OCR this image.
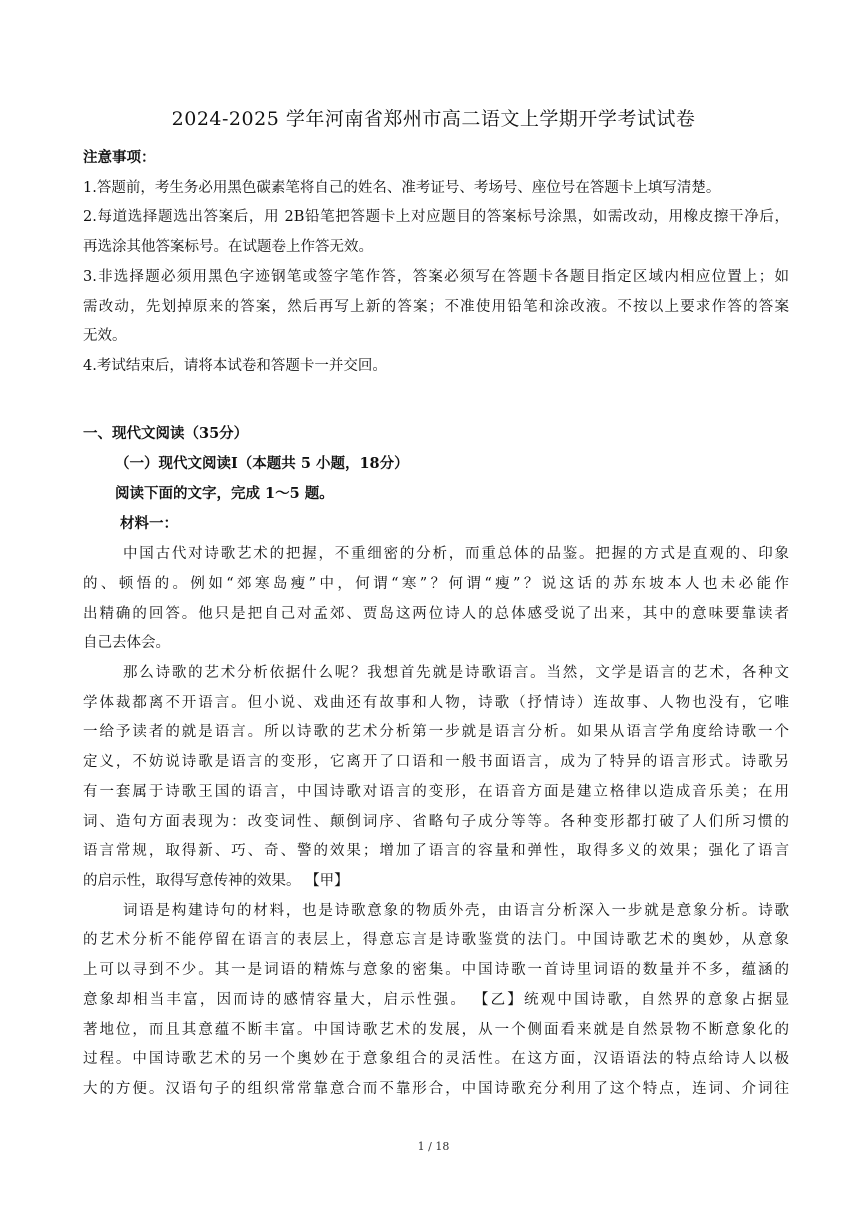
2024-2025 学年河南省郑州市高二语文上学期开学考试试卷
注意事项：
1.答题前，考生务必用黑色碳素笔将自己的姓名、准考证号、考场号、座位号在答题卡上填写清楚。
2.每道选择题选出答案后，用 2B铅笔把答题卡上对应题目的答案标号涂黑，如需改动，用橡皮擦干净后，
再选涂其他答案标号。在试题卷上作答无效。
3.非选择题必须用黑色字迹钢笔或签字笔作答，答案必须写在答题卡各题目指定区域内相应位置上；如
需改动，先划掉原来的答案，然后再写上新的答案；不准使用铅笔和涂改液。不按以上要求作答的答案
无效。
4.考试结束后，请将本试卷和答题卡一并交回。
一、现代文阅读（35分）
（一）现代文阅读Ⅰ（本题共 5 小题，18分）
阅读下面的文字，完成 1～5 题。
材料一：
中国古代对诗歌艺术的把握，不重细密的分析，而重总体的品鉴。把握的方式是直观的、印象
的、顿悟的。例如“郊寒岛瘦”中，何谓“寒”？何谓“瘦”？说这话的苏东坡本人也未必能作
出精确的回答。他只是把自己对孟郊、贾岛这两位诗人的总体感受说了出来，其中的意味要靠读者
自己去体会。
那么诗歌的艺术分析依据什么呢？我想首先就是诗歌语言。当然，文学是语言的艺术，各种文
学体裁都离不开语言。但小说、戏曲还有故事和人物，诗歌（抒情诗）连故事、人物也没有，它唯
一给予读者的就是语言。所以诗歌的艺术分析第一步就是语言分析。如果从语言学角度给诗歌一个
定义，不妨说诗歌是语言的变形，它离开了口语和一般书面语言，成为了特异的语言形式。诗歌另
有一套属于诗歌王国的语言，中国诗歌对语言的变形，在语音方面是建立格律以造成音乐美；在用
词、造句方面表现为：改变词性、颠倒词序、省略句子成分等等。各种变形都打破了人们所习惯的
语言常规，取得新、巧、奇、警的效果；增加了语言的容量和弹性，取得多义的效果；强化了语言
的启示性，取得写意传神的效果。 【甲】
词语是构建诗句的材料，也是诗歌意象的物质外壳，由语言分析深入一步就是意象分析。诗歌
的艺术分析不能停留在语言的表层上，得意忘言是诗歌鉴赏的法门。中国诗歌艺术的奥妙，从意象
上可以寻到不少。其一是词语的精炼与意象的密集。中国诗歌一首诗里词语的数量并不多，蕴涵的
意象却相当丰富，因而诗的感情容量大，启示性强。 【乙】统观中国诗歌，自然界的意象占据显
著地位，而且其意蕴不断丰富。中国诗歌艺术的发展，从一个侧面看来就是自然景物不断意象化的
过程。中国诗歌艺术的另一个奥妙在于意象组合的灵活性。在这方面，汉语语法的特点给诗人以极
大的方便。汉语句子的组织常常靠意合而不靠形合，中国诗歌充分利用了这个特点，连词、介词往
1 / 18
